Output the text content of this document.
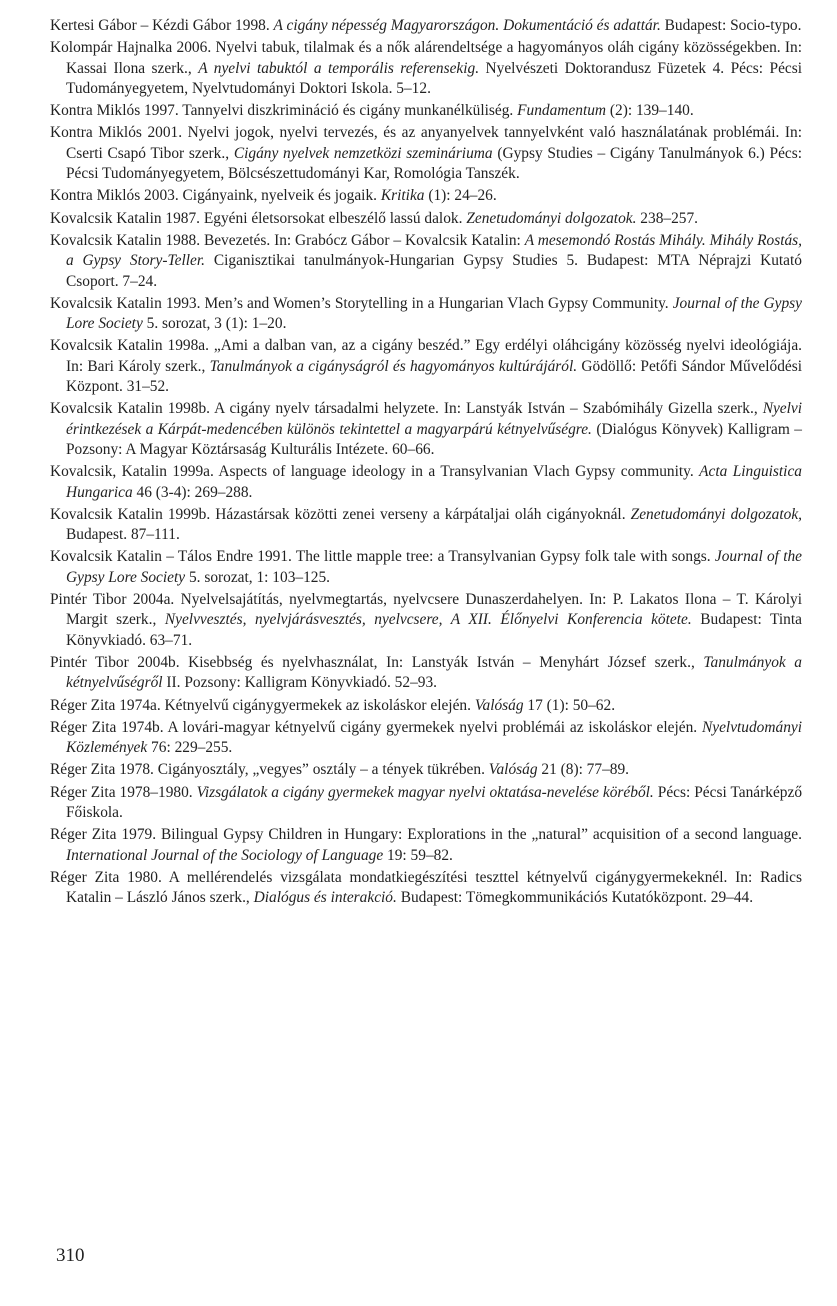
Kertesi Gábor – Kézdi Gábor 1998. A cigány népesség Magyarországon. Dokumentáció és adattár. Budapest: Socio-typo.
Kolompár Hajnalka 2006. Nyelvi tabuk, tilalmak és a nők alárendeltsége a hagyományos oláh cigány közösségekben. In: Kassai Ilona szerk., A nyelvi tabuktól a temporális referensekig. Nyelvészeti Doktorandusz Füzetek 4. Pécs: Pécsi Tudományegyetem, Nyelvtudományi Doktori Iskola. 5–12.
Kontra Miklós 1997. Tannyelvi diszkrimináció és cigány munkanélküliség. Fundamentum (2): 139–140.
Kontra Miklós 2001. Nyelvi jogok, nyelvi tervezés, és az anyanyelvek tannyelvként való használatának problémái. In: Cserti Csapó Tibor szerk., Cigány nyelvek nemzetközi szemináriuma (Gypsy Studies – Cigány Tanulmányok 6.) Pécs: Pécsi Tudományegyetem, Bölcsészettudományi Kar, Romológia Tanszék.
Kontra Miklós 2003. Cigányaink, nyelveik és jogaik. Kritika (1): 24–26.
Kovalcsik Katalin 1987. Egyéni életsorsokat elbeszélő lassú dalok. Zenetudományi dolgozatok. 238–257.
Kovalcsik Katalin 1988. Bevezetés. In: Grabócz Gábor – Kovalcsik Katalin: A mesemondó Rostás Mihály. Mihály Rostás, a Gypsy Story-Teller. Ciganisztikai tanulmányok-Hungarian Gypsy Studies 5. Budapest: MTA Néprajzi Kutató Csoport. 7–24.
Kovalcsik Katalin 1993. Men’s and Women’s Storytelling in a Hungarian Vlach Gypsy Community. Journal of the Gypsy Lore Society 5. sorozat, 3 (1): 1–20.
Kovalcsik Katalin 1998a. „Ami a dalban van, az a cigány beszéd.” Egy erdélyi oláhcigány közösség nyelvi ideológiája. In: Bari Károly szerk., Tanulmányok a cigányságról és hagyományos kultúrájáról. Gödöllő: Petőfi Sándor Művelődési Központ. 31–52.
Kovalcsik Katalin 1998b. A cigány nyelv társadalmi helyzete. In: Lanstyák István – Szabómihály Gizella szerk., Nyelvi érintkezések a Kárpát-medencében különös tekintettel a magyarpárú kétnyelvűségre. (Dialógus Könyvek) Kalligram – Pozsony: A Magyar Köztársaság Kulturális Intézete. 60–66.
Kovalcsik, Katalin 1999a. Aspects of language ideology in a Transylvanian Vlach Gypsy community. Acta Linguistica Hungarica 46 (3-4): 269–288.
Kovalcsik Katalin 1999b. Házastársak közötti zenei verseny a kárpátaljai oláh cigányoknál. Zenetudományi dolgozatok, Budapest. 87–111.
Kovalcsik Katalin – Tálos Endre 1991. The little mapple tree: a Transylvanian Gypsy folk tale with songs. Journal of the Gypsy Lore Society 5. sorozat, 1: 103–125.
Pintér Tibor 2004a. Nyelvelsajátítás, nyelvmegtartás, nyelvcsere Dunaszerdahelyen. In: P. Lakatos Ilona – T. Károlyi Margit szerk., Nyelvvesztés, nyelvjárásvesztés, nyelvcsere, A XII. Élőnyelvi Konferencia kötete. Budapest: Tinta Könyvkiadó. 63–71.
Pintér Tibor 2004b. Kisebbség és nyelvhasználat, In: Lanstyák István – Menyhárt József szerk., Tanulmányok a kétnyelvűségről II. Pozsony: Kalligram Könyvkiadó. 52–93.
Réger Zita 1974a. Kétnyelvű cigánygyermekek az iskoláskor elején. Valóság 17 (1): 50–62.
Réger Zita 1974b. A lovári-magyar kétnyelvű cigány gyermekek nyelvi problémái az iskoláskor elején. Nyelvtudományi Közlemények 76: 229–255.
Réger Zita 1978. Cigányosztály, „vegyes” osztály – a tények tükrében. Valóság 21 (8): 77–89.
Réger Zita 1978–1980. Vizsgálatok a cigány gyermekek magyar nyelvi oktatása-nevelése köréből. Pécs: Pécsi Tanárképző Főiskola.
Réger Zita 1979. Bilingual Gypsy Children in Hungary: Explorations in the „natural” acquisition of a second language. International Journal of the Sociology of Language 19: 59–82.
Réger Zita 1980. A mellérendelés vizsgálata mondatkiegészítési teszttel kétnyelvű cigánygyermekeknél. In: Radics Katalin – László János szerk., Dialógus és interakció. Budapest: Tömegkommunikációs Kutatóközpont. 29–44.
310
